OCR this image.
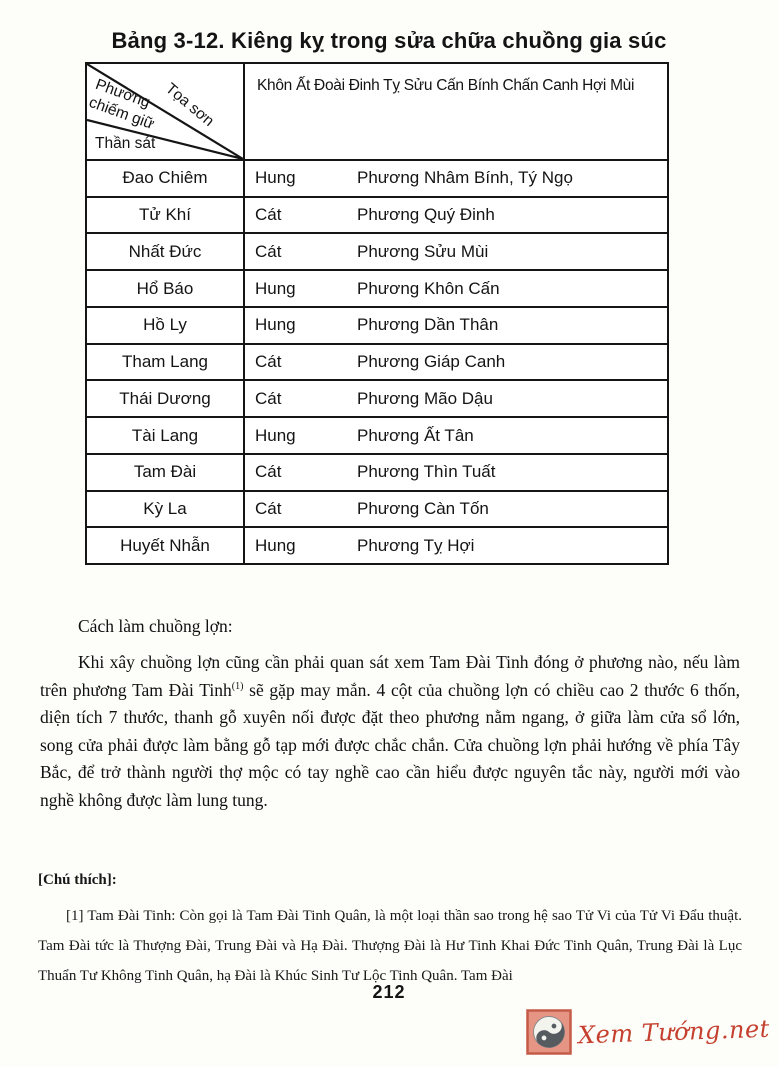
Bảng 3-12. Kiêng kỵ trong sửa chữa chuồng gia súc
Tọa sơn
Phương chiếm giữ
Thần sát
Khôn Ất Đoài Đinh Tỵ Sửu Cấn Bính Chấn Canh Hợi Mùi
Đao Chiêm	Hung	Phương Nhâm Bính, Tý Ngọ
Tử Khí	Cát	Phương Quý Đinh
Nhất Đức	Cát	Phương Sửu Mùi
Hổ Báo	Hung	Phương Khôn Cấn
Hồ Ly	Hung	Phương Dần Thân
Tham Lang	Cát	Phương Giáp Canh
Thái Dương	Cát	Phương Mão Dậu
Tài Lang	Hung	Phương Ất Tân
Tam Đài	Cát	Phương Thìn Tuất
Kỳ La	Cát	Phương Càn Tốn
Huyết Nhẫn	Hung	Phương Tỵ Hợi

Cách làm chuồng lợn:

Khi xây chuồng lợn cũng cần phải quan sát xem Tam Đài Tinh đóng ở phương nào, nếu làm trên phương Tam Đài Tinh$^{(1)}$ sẽ gặp may mắn. 4 cột của chuồng lợn có chiều cao 2 thước 6 thốn, diện tích 7 thước, thanh gỗ xuyên nối được đặt theo phương nằm ngang, ở giữa làm cửa sổ lớn, song cửa phải được làm bằng gỗ tạp mới được chắc chắn. Cửa chuồng lợn phải hướng về phía Tây Bắc, để trở thành người thợ mộc có tay nghề cao cần hiểu được nguyên tắc này, người mới vào nghề không được làm lung tung.

[Chú thích]:

[1] Tam Đài Tinh: Còn gọi là Tam Đài Tinh Quân, là một loại thần sao trong hệ sao Tử Vi của Tử Vi Đẩu thuật. Tam Đài tức là Thượng Đài, Trung Đài và Hạ Đài. Thượng Đài là Hư Tinh Khai Đức Tinh Quân, Trung Đài là Lục Thuẩn Tư Không Tinh Quân, hạ Đài là Khúc Sinh Tư Lộc Tinh Quân. Tam Đài

212
Xem Tướng.net
